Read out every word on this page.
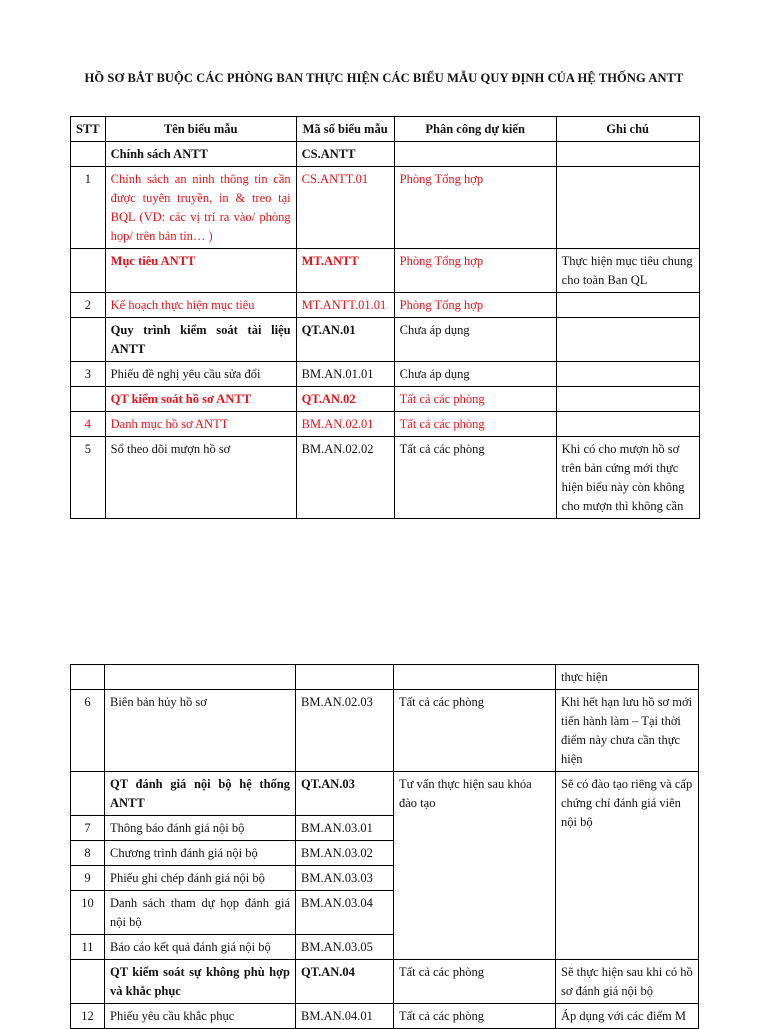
HỒ SƠ BẮT BUỘC CÁC PHÒNG BAN THỰC HIỆN CÁC BIỂU MẪU QUY ĐỊNH CỦA HỆ THỐNG ANTT
STT	Tên biểu mẫu	Mã số biểu mẫu	Phân công dự kiến	Ghi chú
	Chính sách ANTT	CS.ANTT		
1	Chính sách an ninh thông tin cần được tuyên truyền, in & treo tại BQL (VD: các vị trí ra vào/ phòng họp/ trên bản tin… )	CS.ANTT.01	Phòng Tổng hợp	
	Mục tiêu ANTT	MT.ANTT	Phòng Tổng hợp	Thực hiện mục tiêu chung cho toàn Ban QL
2	Kế hoạch thực hiện mục tiêu	MT.ANTT.01.01	Phòng Tổng hợp	
	Quy trình kiểm soát tài liệu ANTT	QT.AN.01	Chưa áp dụng	
3	Phiếu đề nghị yêu cầu sửa đổi	BM.AN.01.01	Chưa áp dụng	
	QT kiểm soát hồ sơ ANTT	QT.AN.02	Tất cả các phòng	
4	Danh mục hồ sơ ANTT	BM.AN.02.01	Tất cả các phòng	
5	Sổ theo dõi mượn hồ sơ	BM.AN.02.02	Tất cả các phòng	Khi có cho mượn hồ sơ trên bản cứng mới thực hiện biểu này còn không cho mượn thì không cần
				thực hiện
6	Biên bản hủy hồ sơ	BM.AN.02.03	Tất cả các phòng	Khi hết hạn lưu hồ sơ mới tiến hành làm – Tại thời điểm này chưa cần thực hiện
	QT đánh giá nội bộ hệ thống ANTT	QT.AN.03	Tư vấn thực hiện sau khóa đào tạo	Sẽ có đào tạo riêng và cấp chứng chỉ đánh giá viên nội bộ
7	Thông báo đánh giá nội bộ	BM.AN.03.01		
8	Chương trình đánh giá nội bộ	BM.AN.03.02		
9	Phiếu ghi chép đánh giá nội bộ	BM.AN.03.03		
10	Danh sách tham dự họp đánh giá nội bộ	BM.AN.03.04		
11	Báo cáo kết quả đánh giá nội bộ	BM.AN.03.05		
	QT kiểm soát sự không phù hợp và khắc phục	QT.AN.04	Tất cả các phòng	Sẽ thực hiện sau khi có hồ sơ đánh giá nội bộ
12	Phiếu yêu cầu khắc phục	BM.AN.04.01	Tất cả các phòng	Áp dụng với các điểm M
